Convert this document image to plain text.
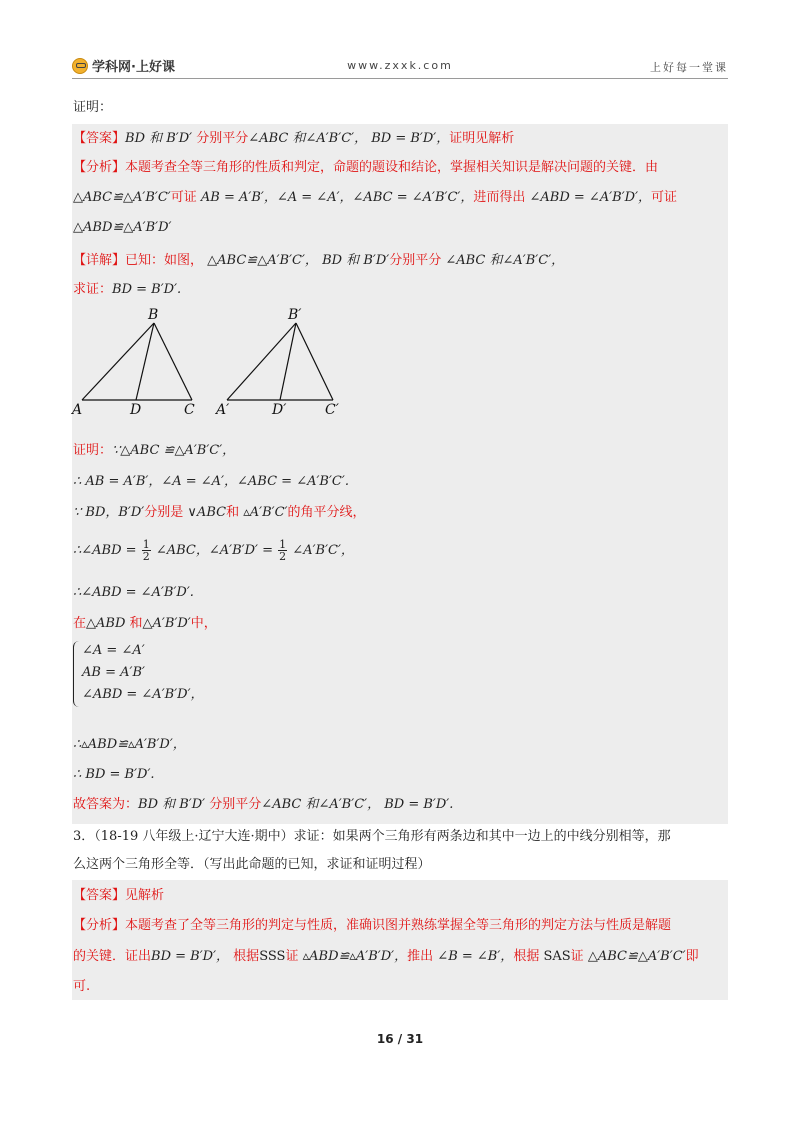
学科网·上好课	www.zxxk.com	上好每一堂课
证明：
【答案】BD 和 B′D′ 分别平分∠ABC 和∠A′B′C′， BD = B′D′，证明见解析
【分析】本题考查全等三角形的性质和判定，命题的题设和结论，掌握相关知识是解决问题的关键．由
△ABC≌△A′B′C′可证 AB = A′B′，∠A = ∠A′，∠ABC = ∠A′B′C′，进而得出 ∠ABD = ∠A′B′D′，可证
△ABD≌△A′B′D′
【详解】已知：如图， △ABC≌△A′B′C′， BD 和 B′D′分别平分 ∠ABC 和∠A′B′C′，
求证：BD = B′D′.
B
A	D	C
B′
A′	D′	C′
证明：∵△ABC ≌△A′B′C′，
∴ AB = A′B′，∠A = ∠A′，∠ABC = ∠A′B′C′.
∵ BD，B′D′分别是 ∨ABC和 ▵A′B′C′的角平分线，
∴∠ABD = $\frac{1}{2}$ ∠ABC，∠A′B′D′ = $\frac{1}{2}$ ∠A′B′C′，
∴∠ABD = ∠A′B′D′.
在△ABD 和△A′B′D′中，
∠A = ∠A′
AB = A′B′
∠ABD = ∠A′B′D′，
∴▵ABD≌▵A′B′D′，
∴ BD = B′D′.
故答案为：BD 和 B′D′ 分别平分∠ABC 和∠A′B′C′， BD = B′D′.
3．（18-19 八年级上·辽宁大连·期中）求证：如果两个三角形有两条边和其中一边上的中线分别相等，那
么这两个三角形全等．（写出此命题的已知，求证和证明过程）
【答案】见解析
【分析】本题考查了全等三角形的判定与性质，准确识图并熟练掌握全等三角形的判定方法与性质是解题
的关键．证出BD = B′D′， 根据SSS证 ▵ABD≌▵A′B′D′，推出 ∠B = ∠B′，根据 SAS证 △ABC≌△A′B′C′即
可.
16 / 31
